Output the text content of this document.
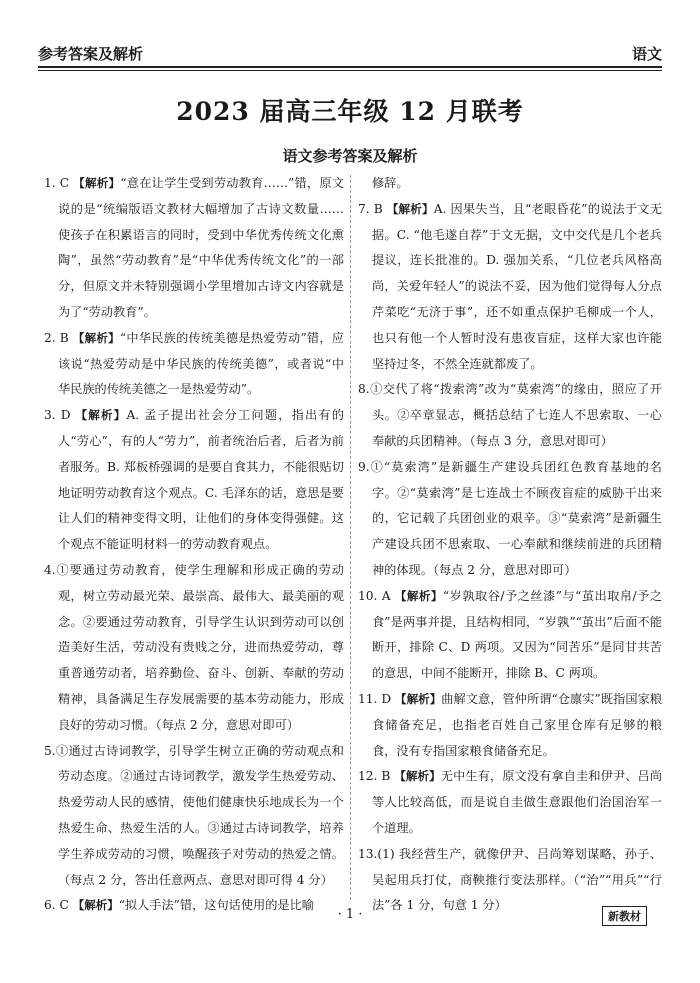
参考答案及解析	语文
2023 届高三年级 12 月联考
语文参考答案及解析

1. C 【解析】“意在让学生受到劳动教育……”错，原文说的是“统编版语文教材大幅增加了古诗文数量……使孩子在积累语言的同时，受到中华优秀传统文化熏陶”，虽然“劳动教育”是“中华优秀传统文化”的一部分，但原文并未特别强调小学里增加古诗文内容就是为了“劳动教育”。

2. B 【解析】“中华民族的传统美德是热爱劳动”错，应该说“热爱劳动是中华民族的传统美德”，或者说“中华民族的传统美德之一是热爱劳动”。

3. D 【解析】A. 孟子提出社会分工问题，指出有的人“劳心”，有的人“劳力”，前者统治后者，后者为前者服务。B. 郑板桥强调的是要自食其力，不能很贴切地证明劳动教育这个观点。C. 毛泽东的话，意思是要让人们的精神变得文明，让他们的身体变得强健。这个观点不能证明材料一的劳动教育观点。

4.①要通过劳动教育，使学生理解和形成正确的劳动观，树立劳动最光荣、最崇高、最伟大、最美丽的观念。②要通过劳动教育，引导学生认识到劳动可以创造美好生活，劳动没有贵贱之分，进而热爱劳动，尊重普通劳动者，培养勤俭、奋斗、创新、奉献的劳动精神，具备满足生存发展需要的基本劳动能力，形成良好的劳动习惯。（每点 2 分，意思对即可）

5.①通过古诗词教学，引导学生树立正确的劳动观点和劳动态度。②通过古诗词教学，激发学生热爱劳动、热爱劳动人民的感情，使他们健康快乐地成长为一个热爱生命、热爱生活的人。③通过古诗词教学，培养学生养成劳动的习惯，唤醒孩子对劳动的热爱之情。（每点 2 分，答出任意两点、意思对即可得 4 分）

6. C 【解析】“拟人手法”错，这句话使用的是比喻

修辞。

7. B 【解析】A. 因果失当，且“老眼昏花”的说法于文无据。C. “他毛遂自荐”于文无据，文中交代是几个老兵提议，连长批准的。D. 强加关系，“几位老兵风格高尚，关爱年轻人”的说法不妥，因为他们觉得每人分点芹菜吃“无济于事”，还不如重点保护毛柳成一个人，也只有他一个人暂时没有患夜盲症，这样大家也许能坚持过冬，不然全连就都废了。

8.①交代了将“拨索湾”改为“莫索湾”的缘由，照应了开头。②卒章显志，概括总结了七连人不思索取、一心奉献的兵团精神。（每点 3 分，意思对即可）

9.①“莫索湾”是新疆生产建设兵团红色教育基地的名字。②“莫索湾”是七连战士不顾夜盲症的威胁干出来的，它记载了兵团创业的艰辛。③“莫索湾”是新疆生产建设兵团不思索取、一心奉献和继续前进的兵团精神的体现。（每点 2 分，意思对即可）

10. A 【解析】“岁孰取谷/予之丝漆”与“茧出取帛/予之食”是两事并提，且结构相同，“岁孰”“茧出”后面不能断开，排除 C、D 两项。又因为“同苦乐”是同甘共苦的意思，中间不能断开，排除 B、C 两项。

11. D 【解析】曲解文意，管仲所谓“仓廪实”既指国家粮食储备充足，也指老百姓自己家里仓库有足够的粮食，没有专指国家粮食储备充足。

12. B 【解析】无中生有，原文没有拿自圭和伊尹、吕尚等人比较高低，而是说自圭做生意跟他们治国治军一个道理。

13.(1) 我经营生产，就像伊尹、吕尚筹划谋略，孙子、吴起用兵打仗，商鞅推行变法那样。（“治”“用兵”“行法”各 1 分，句意 1 分）

· 1 ·	新教材
